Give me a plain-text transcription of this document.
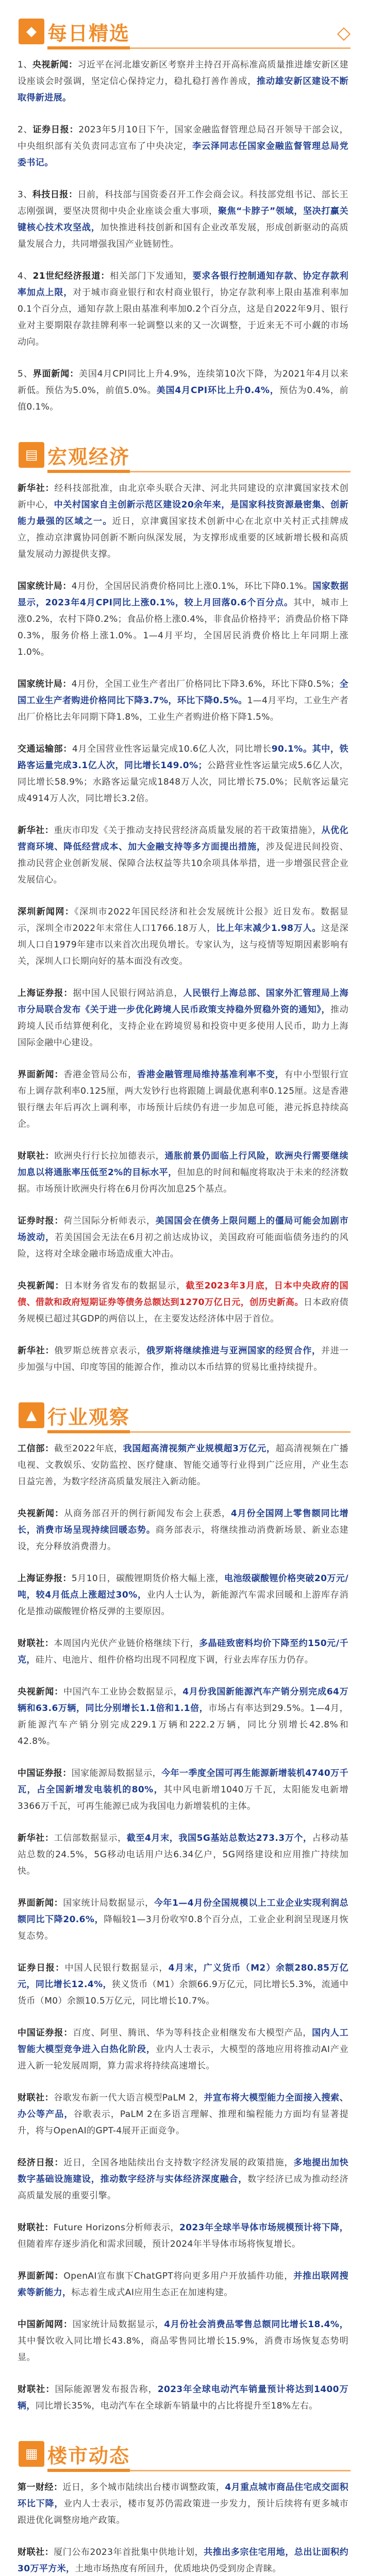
◆ 每日精选	◇

1、央视新闻：习近平在河北雄安新区考察并主持召开高标准高质量推进雄安新区建设座谈会时强调，坚定信心保持定力，稳扎稳打善作善成，推动雄安新区建设不断取得新进展。

2、证券日报：2023年5月10日下午，国家金融监督管理总局召开领导干部会议，中央组织部有关负责同志宣布了中央决定，李云泽同志任国家金融监督管理总局党委书记。

3、科技日报：日前，科技部与国资委召开工作会商会议。科技部党组书记、部长王志刚强调，要坚决贯彻中央企业座谈会重大事项，聚焦“卡脖子”领域，坚决打赢关键核心技术攻坚战，加快推进科技创新和国有企业改革发展，形成创新驱动的高质量发展合力，共同增强我国产业链韧性。

4、21世纪经济报道：相关部门下发通知，要求各银行控制通知存款、协定存款利率加点上限，对于城市商业银行和农村商业银行，协定存款利率上限由基准利率加0.1个百分点，通知存款上限由基准利率加0.2个百分点，这是自2022年9月、银行业对主要期限存款挂牌利率一轮调整以来的又一次调整，于近来无不可小觑的市场动向。

5、界面新闻：美国4月CPI同比上升4.9%，连续第10次下降，为2021年4月以来新低。预估为5.0%，前值5.0%。美国4月CPI环比上升0.4%，预估为0.4%，前值0.1%。

▤ 宏观经济

新华社：经科技部批准，由北京牵头联合天津、河北共同建设的京津冀国家技术创新中心，中关村国家自主创新示范区建设20余年来，是国家科技资源最密集、创新能力最强的区域之一。近日，京津冀国家技术创新中心在北京中关村正式挂牌成立，推动京津冀协同创新不断向纵深发展，为支撑形成重要的区域新增长极和高质量发展动力源提供支撑。

国家统计局：4月份，全国居民消费价格同比上涨0.1%，环比下降0.1%。国家数据显示，2023年4月CPI同比上涨0.1%，较上月回落0.6个百分点。其中，城市上涨0.2%，农村下降0.2%；食品价格上涨0.4%，非食品价格持平；消费品价格下降0.3%，服务价格上涨1.0%。1—4月平均，全国居民消费价格比上年同期上涨1.0%。

国家统计局：4月份，全国工业生产者出厂价格同比下降3.6%，环比下降0.5%；全国工业生产者购进价格同比下降3.7%，环比下降0.5%。1—4月平均，工业生产者出厂价格比去年同期下降1.8%，工业生产者购进价格下降1.5%。

交通运输部：4月全国营业性客运量完成10.6亿人次，同比增长90.1%。其中，铁路客运量完成3.1亿人次，同比增长149.0%；公路营业性客运量完成5.6亿人次，同比增长58.9%；水路客运量完成1848万人次，同比增长75.0%；民航客运量完成4914万人次，同比增长3.2倍。

新华社：重庆市印发《关于推动支持民营经济高质量发展的若干政策措施》，从优化营商环境、降低经营成本、加大金融支持等多方面提出措施，涉及促进民间投资、推动民营企业创新发展、保障合法权益等共10余项具体举措，进一步增强民营企业发展信心。

深圳新闻网：《深圳市2022年国民经济和社会发展统计公报》近日发布。数据显示，深圳全市2022年末常住人口1766.18万人，比上年末减少1.98万人。这是深圳人口自1979年建市以来首次出现负增长。专家认为，这与疫情等短期因素影响有关，深圳人口长期向好的基本面没有改变。

上海证券报：据中国人民银行网站消息，人民银行上海总部、国家外汇管理局上海市分局联合发布《关于进一步优化跨境人民币政策支持稳外贸稳外资的通知》，推动跨境人民币结算便利化，支持企业在跨境贸易和投资中更多使用人民币，助力上海国际金融中心建设。

界面新闻：香港金管局公布，香港金融管理局维持基准利率不变，有中小型银行宣布上调存款利率0.125厘，两大发钞行也将跟随上调最优惠利率0.125厘。这是香港银行继去年后再次上调利率，市场预计后续仍有进一步加息可能，港元拆息持续高企。

财联社：欧洲央行行长拉加德表示，通胀前景仍面临上行风险，欧洲央行需要继续加息以将通胀率压低至2%的目标水平，但加息的时间和幅度将取决于未来的经济数据。市场预计欧洲央行将在6月份再次加息25个基点。

证券时报：荷兰国际分析师表示，美国国会在债务上限问题上的僵局可能会加剧市场波动，若美国国会无法在6月初之前达成协议，美国政府可能面临债务违约的风险，这将对全球金融市场造成重大冲击。

央视新闻：日本财务省发布的数据显示，截至2023年3月底，日本中央政府的国债、借款和政府短期证券等债务总额达到1270万亿日元，创历史新高。日本政府债务规模已超过其GDP的两倍以上，在主要发达经济体中居于首位。

新华社：俄罗斯总统普京表示，俄罗斯将继续推进与亚洲国家的经贸合作，并进一步加强与中国、印度等国的能源合作，推动以本币结算的贸易比重持续提升。

▲ 行业观察

工信部：截至2022年底，我国超高清视频产业规模超3万亿元，超高清视频在广播电视、文教娱乐、安防监控、医疗健康、智能交通等行业得到广泛应用，产业生态日益完善，为数字经济高质量发展注入新动能。

央视新闻：从商务部召开的例行新闻发布会上获悉，4月份全国网上零售额同比增长，消费市场呈现持续回暖态势。商务部表示，将继续推动消费新场景、新业态建设，充分释放消费潜力。

上海证券报：5月10日，碳酸锂期货价格大幅上涨，电池级碳酸锂价格突破20万元/吨，较4月低点上涨超过30%，业内人士认为，新能源汽车需求回暖和上游库存消化是推动碳酸锂价格反弹的主要原因。

财联社：本周国内光伏产业链价格继续下行，多晶硅致密料均价下降至约150元/千克，硅片、电池片、组件价格均出现不同程度下调，行业去库存压力仍存。

央视新闻：中国汽车工业协会数据显示，4月份我国新能源汽车产销分别完成64万辆和63.6万辆，同比分别增长1.1倍和1.1倍，市场占有率达到29.5%。1—4月，新能源汽车产销分别完成229.1万辆和222.2万辆，同比分别增长42.8%和42.8%。

中国证券报：国家能源局数据显示，今年一季度全国可再生能源新增装机4740万千瓦，占全国新增发电装机的80%，其中风电新增1040万千瓦，太阳能发电新增3366万千瓦，可再生能源已成为我国电力新增装机的主体。

新华社：工信部数据显示，截至4月末，我国5G基站总数达273.3万个，占移动基站总数的24.5%，5G移动电话用户达6.34亿户，5G网络建设和应用推广持续加快。

界面新闻：国家统计局数据显示，今年1—4月份全国规模以上工业企业实现利润总额同比下降20.6%，降幅较1—3月份收窄0.8个百分点，工业企业利润呈现逐月恢复态势。

证券日报：中国人民银行数据显示，4月末，广义货币（M2）余额280.85万亿元，同比增长12.4%，狭义货币（M1）余额66.9万亿元，同比增长5.3%，流通中货币（M0）余额10.5万亿元，同比增长10.7%。

中国证券报：百度、阿里、腾讯、华为等科技企业相继发布大模型产品，国内人工智能大模型竞争进入白热化阶段，业内人士表示，大模型的落地应用将推动AI产业进入新一轮发展周期，算力需求将持续高速增长。

财联社：谷歌发布新一代大语言模型PaLM 2，并宣布将大模型能力全面接入搜索、办公等产品，谷歌表示，PaLM 2在多语言理解、推理和编程能力方面均有显著提升，将与OpenAI的GPT-4展开正面竞争。

经济日报：近日，全国各地陆续出台支持数字经济发展的政策措施，多地提出加快数字基础设施建设，推动数字经济与实体经济深度融合，数字经济已成为推动经济高质量发展的重要引擎。

财联社：Future Horizons分析师表示，2023年全球半导体市场规模预计将下降，但随着库存逐步消化和需求回暖，预计2024年半导体市场将恢复增长。

界面新闻：OpenAI宣布旗下ChatGPT将向更多用户开放插件功能，并推出联网搜索等新能力，标志着生成式AI应用生态正在加速构建。

中国新闻网：国家统计局数据显示，4月份社会消费品零售总额同比增长18.4%，其中餐饮收入同比增长43.8%，商品零售同比增长15.9%，消费市场恢复态势明显。

财联社：国际能源署发布报告称，2023年全球电动汽车销量预计将达到1400万辆，同比增长35%，电动汽车在全球新车销量中的占比将提升至18%左右。

▦ 楼市动态

第一财经：近日，多个城市陆续出台楼市调整政策，4月重点城市商品住宅成交面积环比下降，业内人士表示，楼市复苏仍需政策进一步发力，预计后续将有更多城市跟进优化调整房地产政策。

财联社：厦门公布2023年首批集中供地计划，共推出多宗住宅用地，总出让面积约30万平方米，土地市场热度有所回升，优质地块仍受到房企青睐。
